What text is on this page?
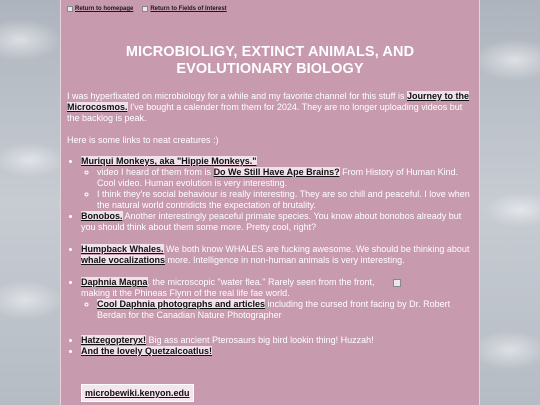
Return to homepage	Return to Fields of Interest
MICROBIOLIGY, EXTINCT ANIMALS, AND EVOLUTIONARY BIOLOGY
I was hyperfixated on microbiology for a while and my favorite channel for this stuff is Journey to the Microcosmos. I've bought a calender from them for 2024. They are no longer uploading videos but the backlog is peak.
Here is some links to neat creatures :)
• Muriqui Monkeys, aka "Hippie Monkeys."
◦ video I heard of them from is Do We Still Have Ape Brains? From History of Human Kind. Cool video. Human evolution is very interesting.
◦ I think they're social behaviour is really interesting. They are so chill and peaceful. I love when the natural world contridicts the expectation of brutality.
• Bonobos. Another interestingly peaceful primate species. You know about bonobos already but you should think about them some more. Pretty cool, right?
• Humpback Whales. We both know WHALES are fucking awesome. We should be thinking about whale vocalizations more. Intelligence in non-human animals is very interesting.
• Daphnia Magna, the microscopic "water flea." Rarely seen from the front, making it the Phineas Flynn of the real life fae world.
◦ Cool Daphnia photographs and articles including the cursed front facing by Dr. Robert Berdan for the Canadian Nature Photographer
• Hatzegopteryx! Big ass ancient Pterosaurs big bird lookin thing! Huzzah!
• And the lovely Quetzalcoatlus!
microbewiki.kenyon.edu
